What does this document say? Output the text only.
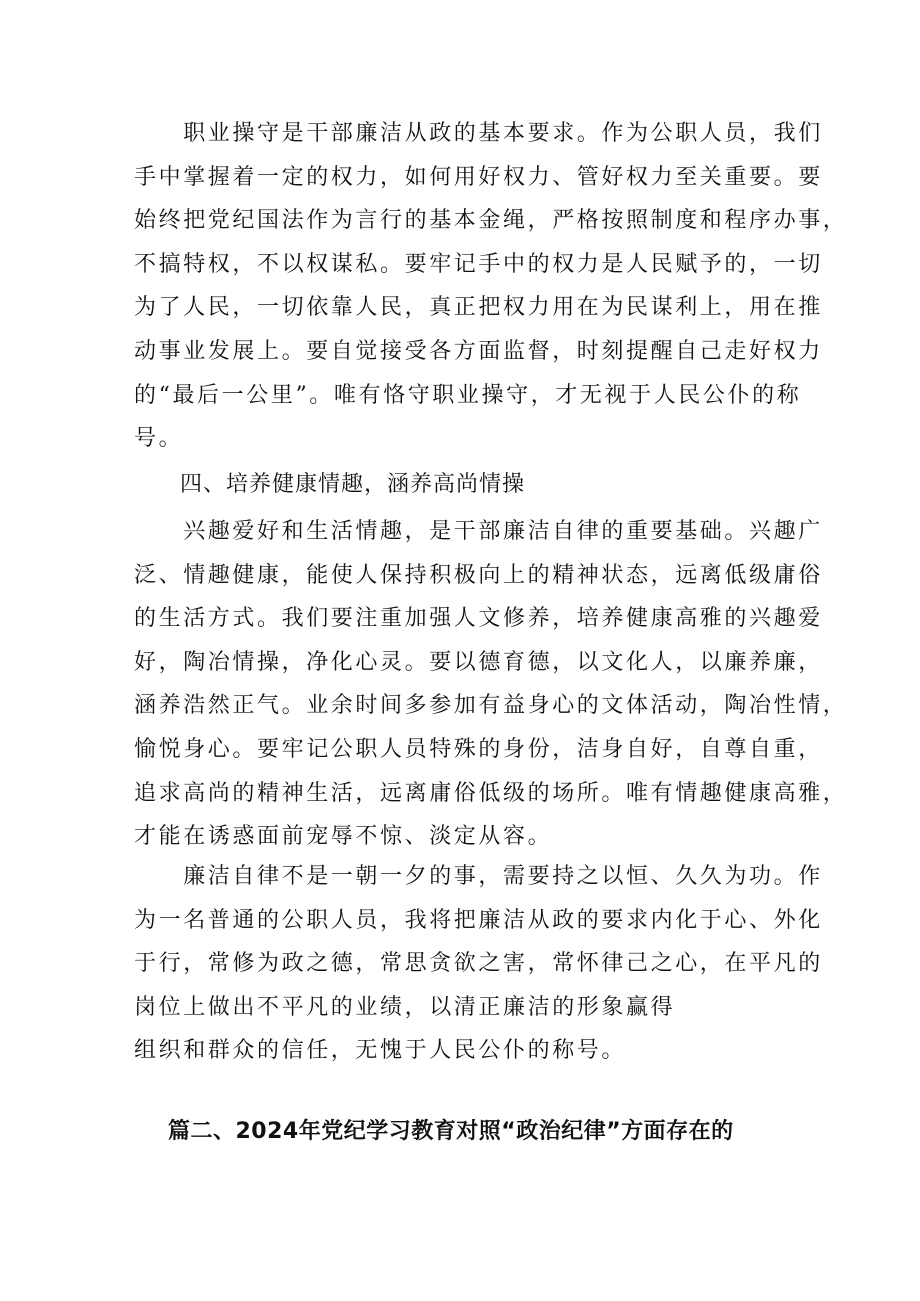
　　职业操守是干部廉洁从政的基本要求。作为公职人员，我们
手中掌握着一定的权力，如何用好权力、管好权力至关重要。要
始终把党纪国法作为言行的基本金绳，严格按照制度和程序办事，
不搞特权，不以权谋私。要牢记手中的权力是人民赋予的，一切
为了人民，一切依靠人民，真正把权力用在为民谋利上，用在推
动事业发展上。要自觉接受各方面监督，时刻提醒自己走好权力
的“最后一公里”。唯有恪守职业操守，才无视于人民公仆的称
号。
四、培养健康情趣，涵养高尚情操
　　兴趣爱好和生活情趣，是干部廉洁自律的重要基础。兴趣广
泛、情趣健康，能使人保持积极向上的精神状态，远离低级庸俗
的生活方式。我们要注重加强人文修养，培养健康高雅的兴趣爱
好，陶冶情操，净化心灵。要以德育德，以文化人，以廉养廉，
涵养浩然正气。业余时间多参加有益身心的文体活动，陶冶性情，
愉悦身心。要牢记公职人员特殊的身份，洁身自好，自尊自重，
追求高尚的精神生活，远离庸俗低级的场所。唯有情趣健康高雅，
才能在诱惑面前宠辱不惊、淡定从容。
　　廉洁自律不是一朝一夕的事，需要持之以恒、久久为功。作
为一名普通的公职人员，我将把廉洁从政的要求内化于心、外化
于行，常修为政之德，常思贪欲之害，常怀律己之心，在平凡的
岗位上做出不平凡的业绩，以清正廉洁的形象赢得
组织和群众的信任，无愧于人民公仆的称号。
篇二、2024年党纪学习教育对照“政治纪律”方面存在的
